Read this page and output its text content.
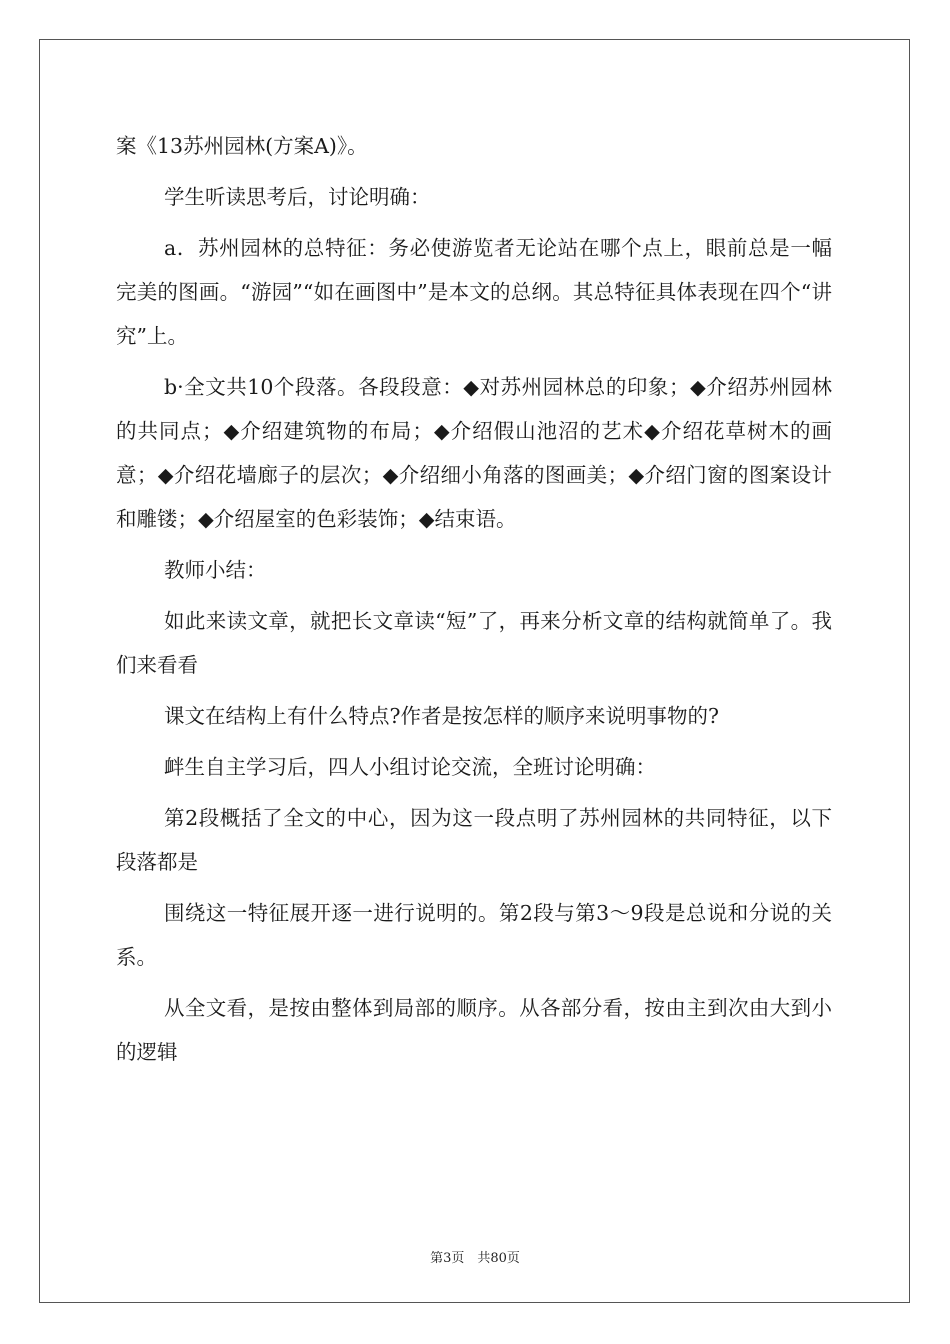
案《13苏州园林(方案A)》。

学生听读思考后，讨论明确：

a．苏州园林的总特征：务必使游览者无论站在哪个点上，眼前总是一幅完美的图画。“游园”“如在画图中”是本文的总纲。其总特征具体表现在四个“讲究”上。

b·全文共10个段落。各段段意：◆对苏州园林总的印象；◆介绍苏州园林的共同点；◆介绍建筑物的布局；◆介绍假山池沼的艺术◆介绍花草树木的画意；◆介绍花墙廊子的层次；◆介绍细小角落的图画美；◆介绍门窗的图案设计和雕镂；◆介绍屋室的色彩装饰；◆结束语。

教师小结：

如此来读文章，就把长文章读“短”了，再来分析文章的结构就简单了。我们来看看

课文在结构上有什么特点?作者是按怎样的顺序来说明事物的?

衅生自主学习后，四人小组讨论交流，全班讨论明确：

第2段概括了全文的中心，因为这一段点明了苏州园林的共同特征，以下段落都是

围绕这一特征展开逐一进行说明的。第2段与第3～9段是总说和分说的关系。

从全文看，是按由整体到局部的顺序。从各部分看，按由主到次由大到小的逻辑

第3页　共80页
